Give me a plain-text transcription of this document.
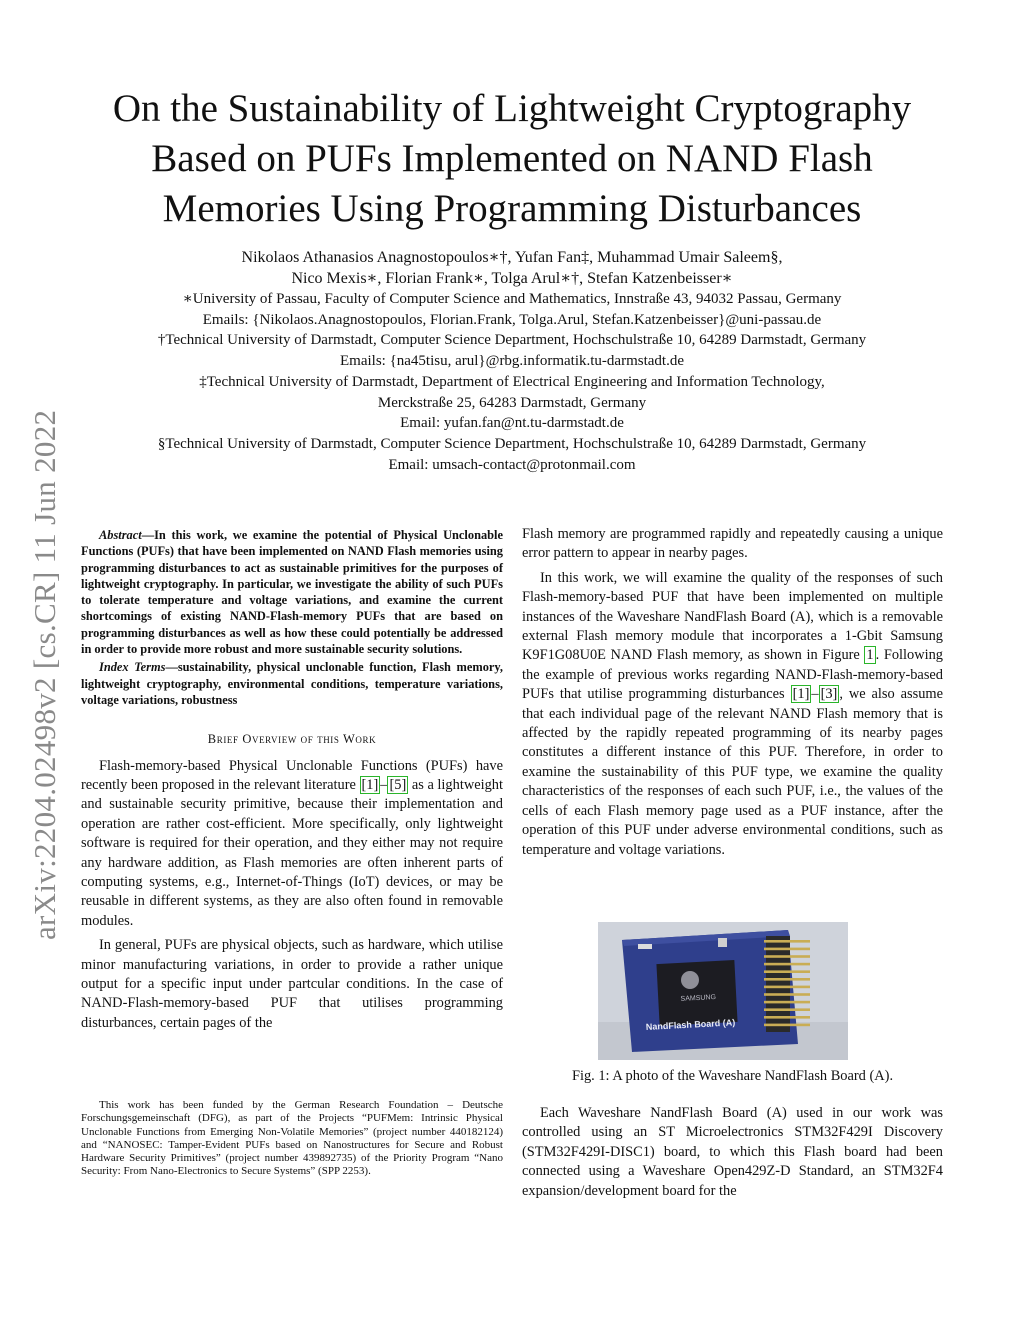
arXiv:2204.02498v2 [cs.CR] 11 Jun 2022
On the Sustainability of Lightweight Cryptography
Based on PUFs Implemented on NAND Flash
Memories Using Programming Disturbances
Nikolaos Athanasios Anagnostopoulos∗†, Yufan Fan‡, Muhammad Umair Saleem§,
Nico Mexis∗, Florian Frank∗, Tolga Arul∗†, Stefan Katzenbeisser∗
∗University of Passau, Faculty of Computer Science and Mathematics, Innstraße 43, 94032 Passau, Germany
Emails: {Nikolaos.Anagnostopoulos, Florian.Frank, Tolga.Arul, Stefan.Katzenbeisser}@uni-passau.de
†Technical University of Darmstadt, Computer Science Department, Hochschulstraße 10, 64289 Darmstadt, Germany
Emails: {na45tisu, arul}@rbg.informatik.tu-darmstadt.de
‡Technical University of Darmstadt, Department of Electrical Engineering and Information Technology,
Merckstraße 25, 64283 Darmstadt, Germany
Email: yufan.fan@nt.tu-darmstadt.de
§Technical University of Darmstadt, Computer Science Department, Hochschulstraße 10, 64289 Darmstadt, Germany
Email: umsach-contact@protonmail.com

Abstract—In this work, we examine the potential of Physical Unclonable Functions (PUFs) that have been implemented on NAND Flash memories using programming disturbances to act as sustainable primitives for the purposes of lightweight cryptography. In particular, we investigate the ability of such PUFs to tolerate temperature and voltage variations, and examine the current shortcomings of existing NAND-Flash-memory PUFs that are based on programming disturbances as well as how these could potentially be addressed in order to provide more robust and more sustainable security solutions.

Index Terms—sustainability, physical unclonable function, Flash memory, lightweight cryptography, environmental conditions, temperature variations, voltage variations, robustness

Brief Overview of this Work

Flash-memory-based Physical Unclonable Functions (PUFs) have recently been proposed in the relevant literature [1] – [5] as a lightweight and sustainable security primitive, because their implementation and operation are rather cost-efficient. More specifically, only lightweight software is required for their operation, and they either may not require any hardware addition, as Flash memories are often inherent parts of computing systems, e.g., Internet-of-Things (IoT) devices, or may be reusable in different systems, as they are also often found in removable modules.

In general, PUFs are physical objects, such as hardware, which utilise minor manufacturing variations, in order to provide a rather unique output for a specific input under partcular conditions. In the case of NAND-Flash-memory-based PUF that utilises programming disturbances, certain pages of the

This work has been funded by the German Research Foundation – Deutsche Forschungsgemeinschaft (DFG), as part of the Projects “PUFMem: Intrinsic Physical Unclonable Functions from Emerging Non-Volatile Memories” (project number 440182124) and “NANOSEC: Tamper-Evident PUFs based on Nanostructures for Secure and Robust Hardware Security Primitives” (project number 439892735) of the Priority Program “Nano Security: From Nano-Electronics to Secure Systems” (SPP 2253).

Flash memory are programmed rapidly and repeatedly causing a unique error pattern to appear in nearby pages.

In this work, we will examine the quality of the responses of such Flash-memory-based PUF that have been implemented on multiple instances of the Waveshare NandFlash Board (A), which is a removable external Flash memory module that incorporates a 1-Gbit Samsung K9F1G08U0E NAND Flash memory, as shown in Figure 1 . Following the example of previous works regarding NAND-Flash-memory-based PUFs that utilise programming disturbances [1] – [3] , we also assume that each individual page of the relevant NAND Flash memory that is affected by the rapidly repeated programming of its nearby pages constitutes a different instance of this PUF. Therefore, in order to examine the sustainability of this PUF type, we examine the quality characteristics of the responses of each such PUF, i.e., the values of the cells of each Flash memory page used as a PUF instance, after the operation of this PUF under adverse environmental conditions, such as temperature and voltage variations.

SAMSUNG
NandFlash Board (A)
Fig. 1: A photo of the Waveshare NandFlash Board (A).

Each Waveshare NandFlash Board (A) used in our work was controlled using an ST Microelectronics STM32F429I Discovery (STM32F429I-DISC1) board, to which this Flash board had been connected using a Waveshare Open429Z-D Standard, an STM32F4 expansion/development board for the
